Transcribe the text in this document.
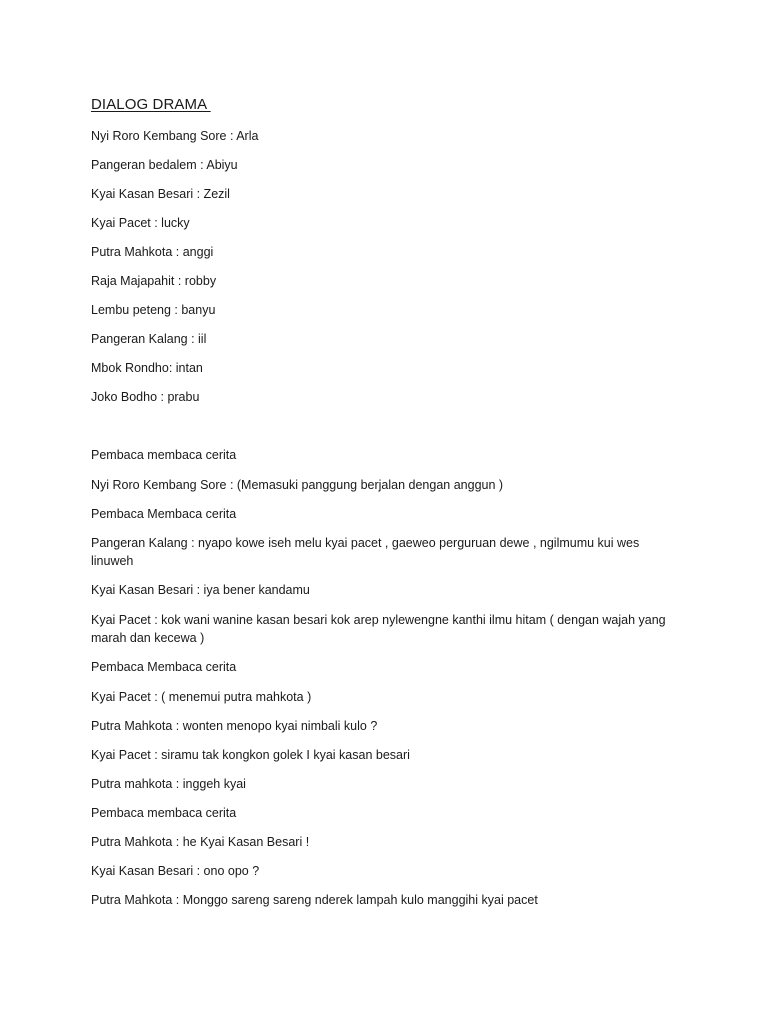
DIALOG DRAMA
Nyi Roro Kembang Sore : Arla
Pangeran bedalem : Abiyu
Kyai Kasan Besari : Zezil
Kyai Pacet : lucky
Putra Mahkota : anggi
Raja Majapahit : robby
Lembu peteng : banyu
Pangeran Kalang : iil
Mbok Rondho: intan
Joko Bodho : prabu
Pembaca membaca cerita
Nyi Roro Kembang Sore : (Memasuki panggung berjalan dengan anggun )
Pembaca Membaca cerita
Pangeran Kalang : nyapo kowe iseh melu kyai pacet , gaeweo perguruan dewe , ngilmumu kui wes linuweh
Kyai Kasan Besari : iya bener kandamu
Kyai Pacet : kok wani wanine kasan besari kok arep nylewengne kanthi ilmu hitam ( dengan wajah yang marah dan kecewa )
Pembaca Membaca cerita
Kyai Pacet : ( menemui putra mahkota )
Putra Mahkota : wonten menopo kyai nimbali kulo ?
Kyai Pacet : siramu tak kongkon golek I kyai kasan besari
Putra mahkota : inggeh kyai
Pembaca membaca cerita
Putra Mahkota : he Kyai Kasan Besari !
Kyai Kasan Besari : ono opo ?
Putra Mahkota : Monggo sareng sareng nderek lampah kulo manggihi kyai pacet
